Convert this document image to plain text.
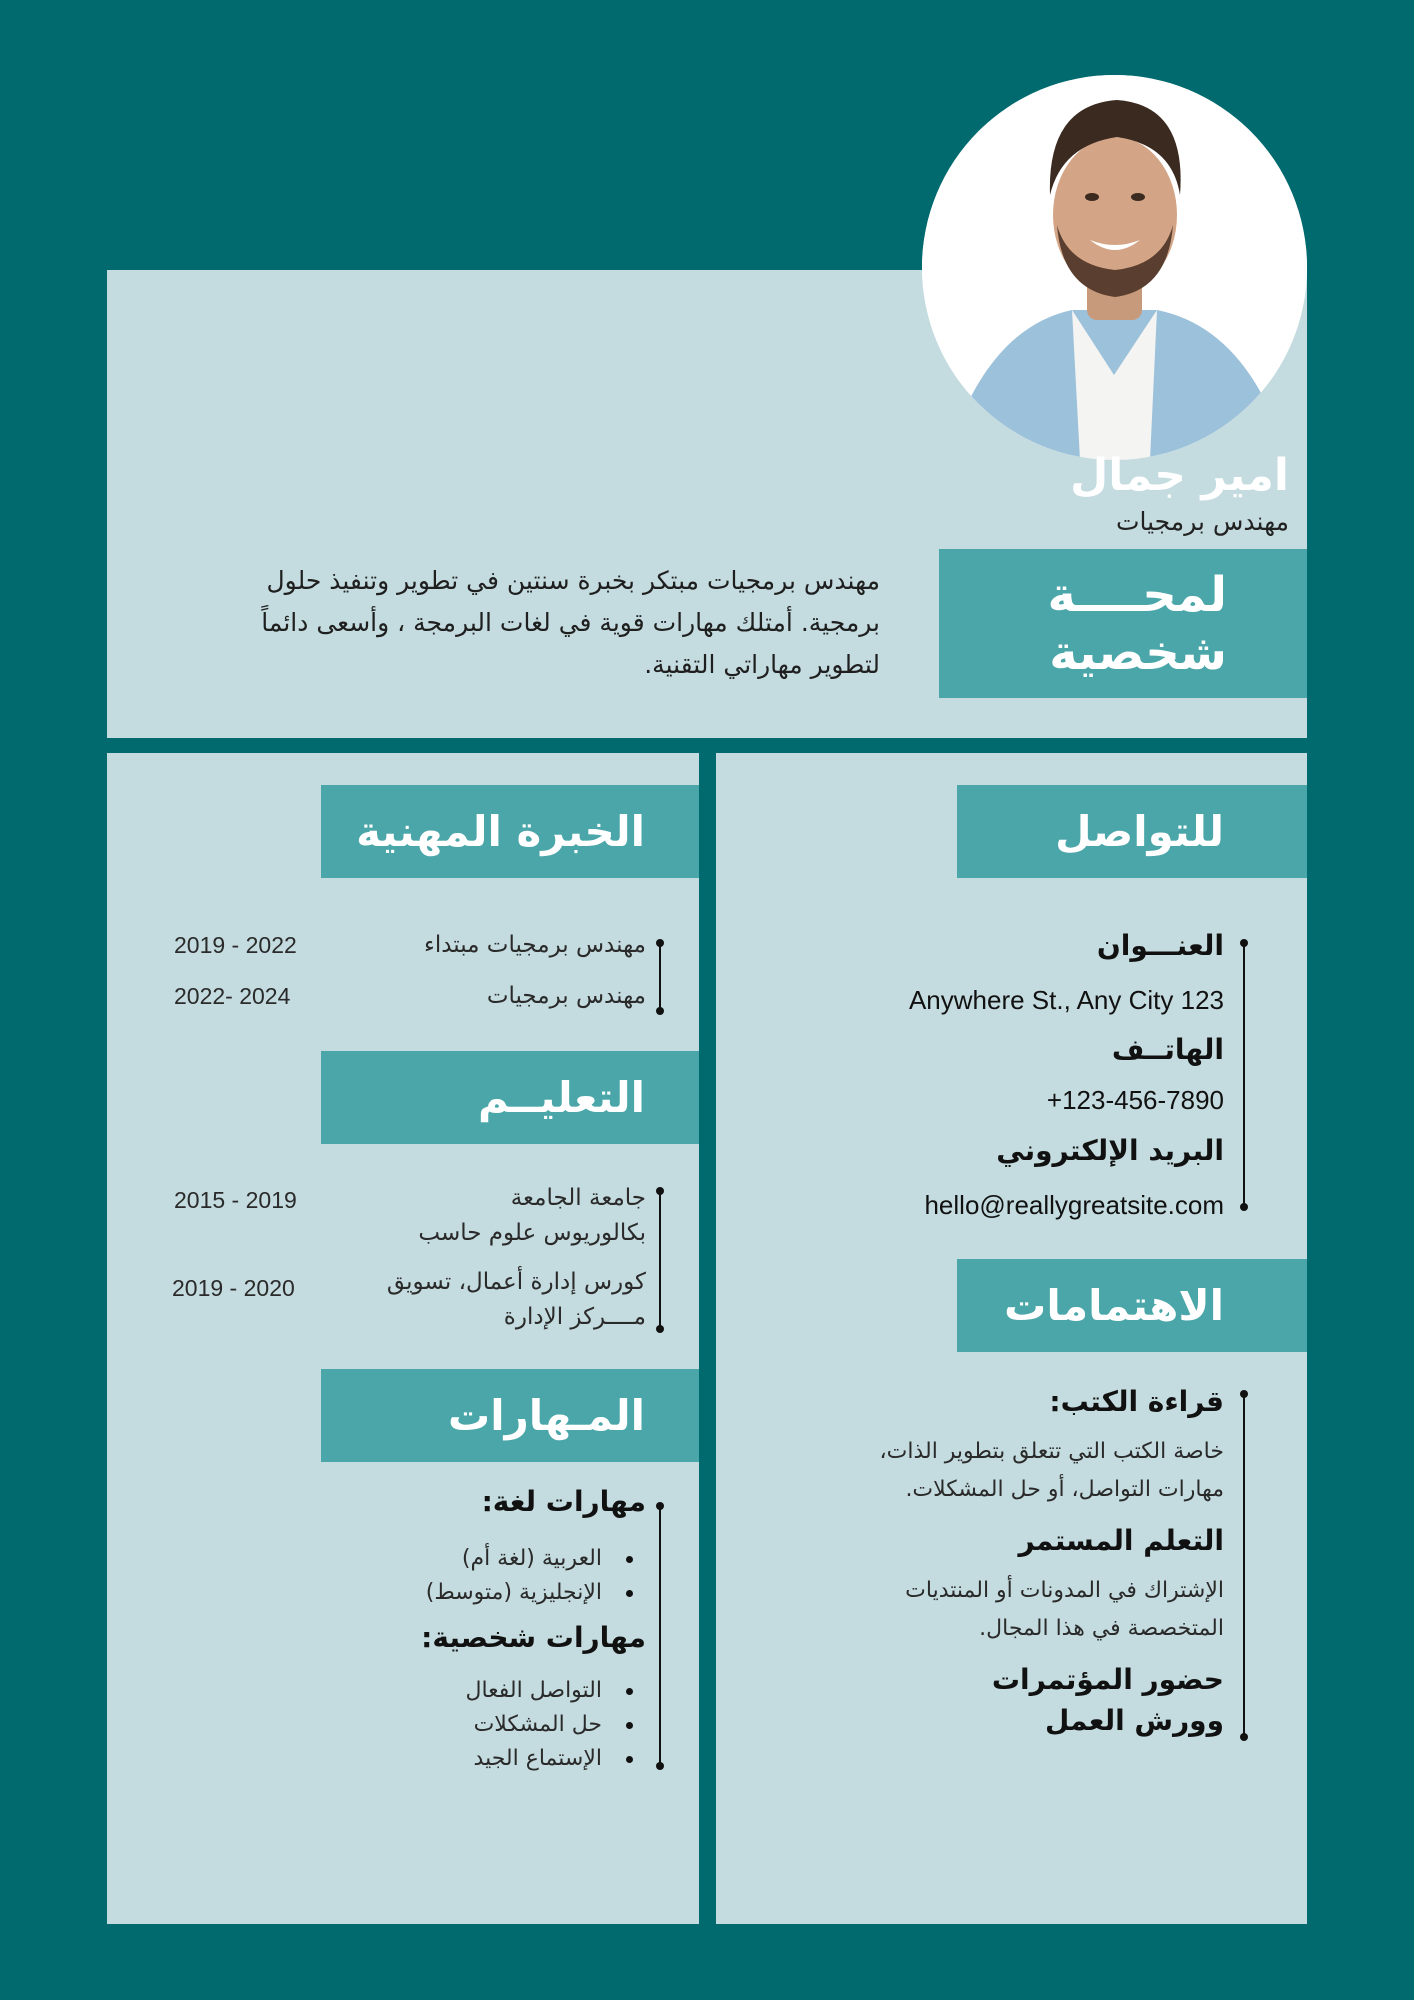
امير جمال
مهندس برمجيات
لمحــــة
شخصية
مهندس برمجيات مبتكر بخبرة سنتين في تطوير وتنفيذ حلول برمجية. أمتلك مهارات قوية في لغات البرمجة ، وأسعى دائماً لتطوير مهاراتي التقنية.
الخبرة المهنية
مهندس برمجيات مبتداء
2019 - 2022
مهندس برمجيات
2022- 2024
التعليــم
جامعة الجامعة
بكالوريوس علوم حاسب
2015 - 2019
كورس إدارة أعمال، تسويق
مــــركز الإدارة
2019 - 2020
المـهارات
مهارات لغة:
العربية (لغة أم)
الإنجليزية (متوسط)
مهارات شخصية:
التواصل الفعال
حل المشكلات
الإستماع الجيد
للتواصل
العنـــوان
Anywhere St., Any City 123
الهاتــف
+123-456-7890
البريد الإلكتروني
hello@reallygreatsite.com
الاهتمامات
قراءة الكتب:
خاصة الكتب التي تتعلق بتطوير الذات،
مهارات التواصل، أو حل المشكلات.
التعلم المستمر
الإشتراك في المدونات أو المنتديات
المتخصصة في هذا المجال.
حضور المؤتمرات
وورش العمل
